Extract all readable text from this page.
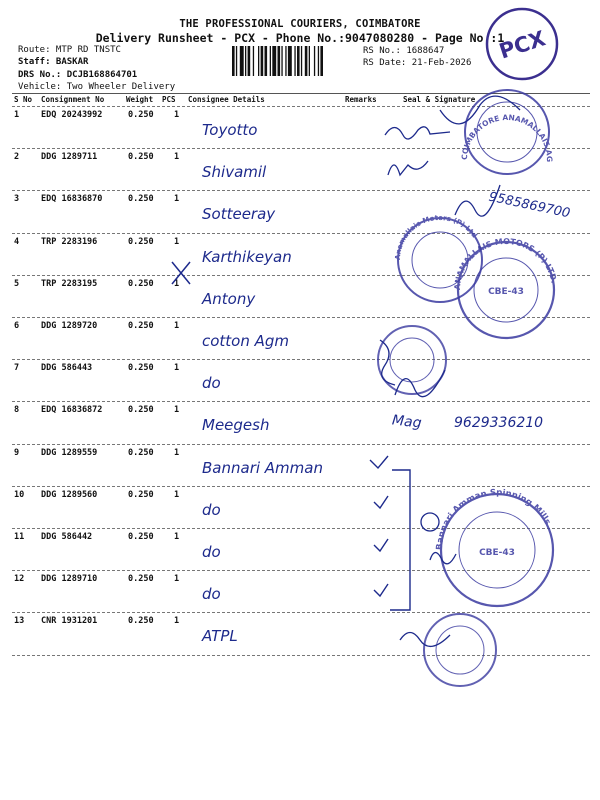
THE PROFESSIONAL COURIERS, COIMBATORE
Delivery Runsheet - PCX - Phone No.:9047080280 - Page No.:1
Route: MTP RD TNSTC
Staff: BASKAR
DRS No.: DCJB168864701
Vehicle: Two Wheeler Delivery
RS No.: 1688647
RS Date: 21-Feb-2026 PCX
S No Consignment No	Weight PCS Consignee Details	Remarks	Seal & Signature
1	EDQ 20243992	0.250 1
Toyotto
2	DDG 1289711	0.250 1
Shivamil
3	EDQ 16836870	0.250 1
Sotteeray
4	TRP 2283196	0.250 1
Karthikeyan
5	TRP 2283195	0.250 1
Antony
6	DDG 1289720	0.250 1
cotton Agm
7	DDG 586443	0.250 1
do
8	EDQ 16836872	0.250 1
Meegesh
9	DDG 1289559	0.250 1
Bannari Amman
10 DDG 1289560	0.250 1
do
11 DDG 586442	0.250 1
do
12 DDG 1289710	0.250 1
do
13 CNR 1931201	0.250 1
ATPL
9585869700
9629336210
Mag
COIMBATORE ANAMALLAIS AG
Anamallais Motors (P) Ltd
ANAMALLAIS MOTORS (P) LTD.
CBE-43
Bannari Amman Spinning Mills
CBE-43
